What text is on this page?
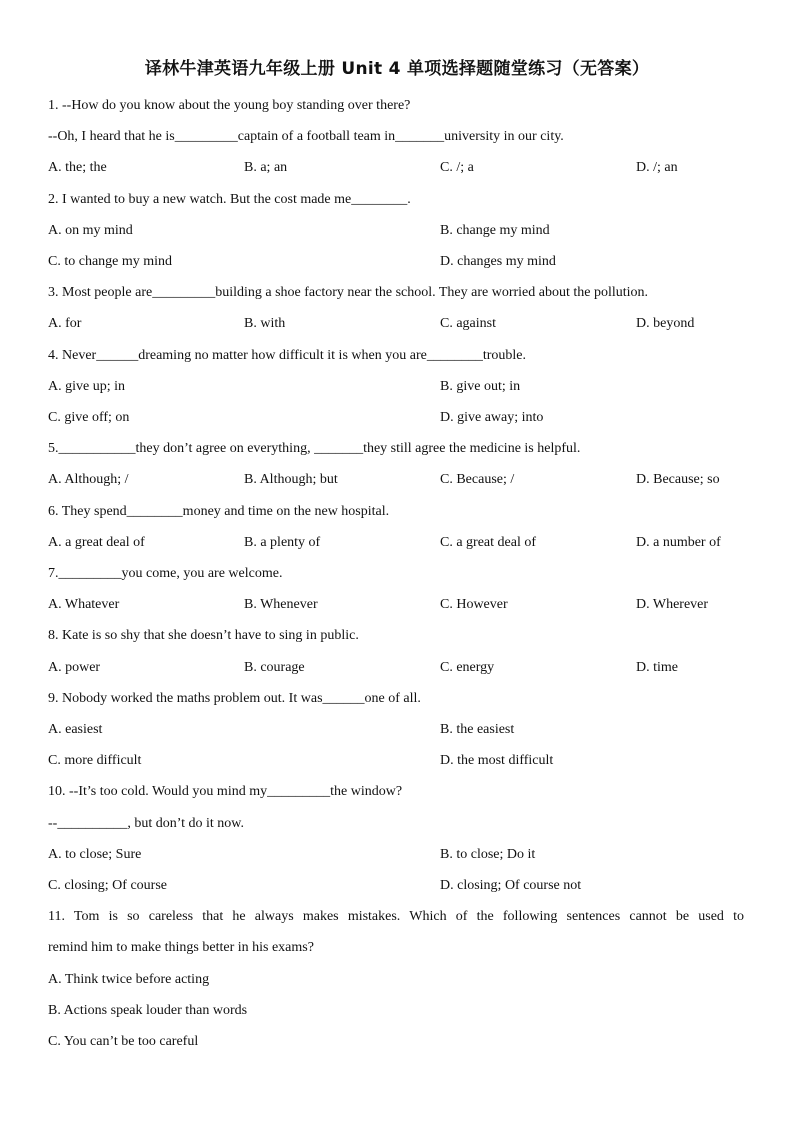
译林牛津英语九年级上册 Unit 4 单项选择题随堂练习（无答案）
1. --How do you know about the young boy standing over there?
--Oh, I heard that he is_________captain of a football team in_______university in our city.
A. the; the	B. a; an	C. /; a	D. /; an
2. I wanted to buy a new watch. But the cost made me________.
A. on my mind	B. change my mind
C. to change my mind	D. changes my mind
3. Most people are_________building a shoe factory near the school. They are worried about the pollution.
A. for	B. with	C. against	D. beyond
4. Never______dreaming no matter how difficult it is when you are________trouble.
A. give up; in	B. give out; in
C. give off; on	D. give away; into
5.___________they don’t agree on everything, _______they still agree the medicine is helpful.
A. Although; /	B. Although; but	C. Because; /	D. Because; so
6. They spend________money and time on the new hospital.
A. a great deal of	B. a plenty of	C. a great deal of	D. a number of
7._________you come, you are welcome.
A. Whatever	B. Whenever	C. However	D. Wherever
8. Kate is so shy that she doesn’t have to sing in public.
A. power	B. courage	C. energy	D. time
9. Nobody worked the maths problem out. It was______one of all.
A. easiest	B. the easiest
C. more difficult	D. the most difficult
10. --It’s too cold. Would you mind my_________the window?
--__________, but don’t do it now.
A. to close; Sure	B. to close; Do it
C. closing; Of course	D. closing; Of course not
11. Tom is so careless that he always makes mistakes. Which of the following sentences cannot be used to
remind him to make things better in his exams?
A. Think twice before acting
B. Actions speak louder than words
C. You can’t be too careful
